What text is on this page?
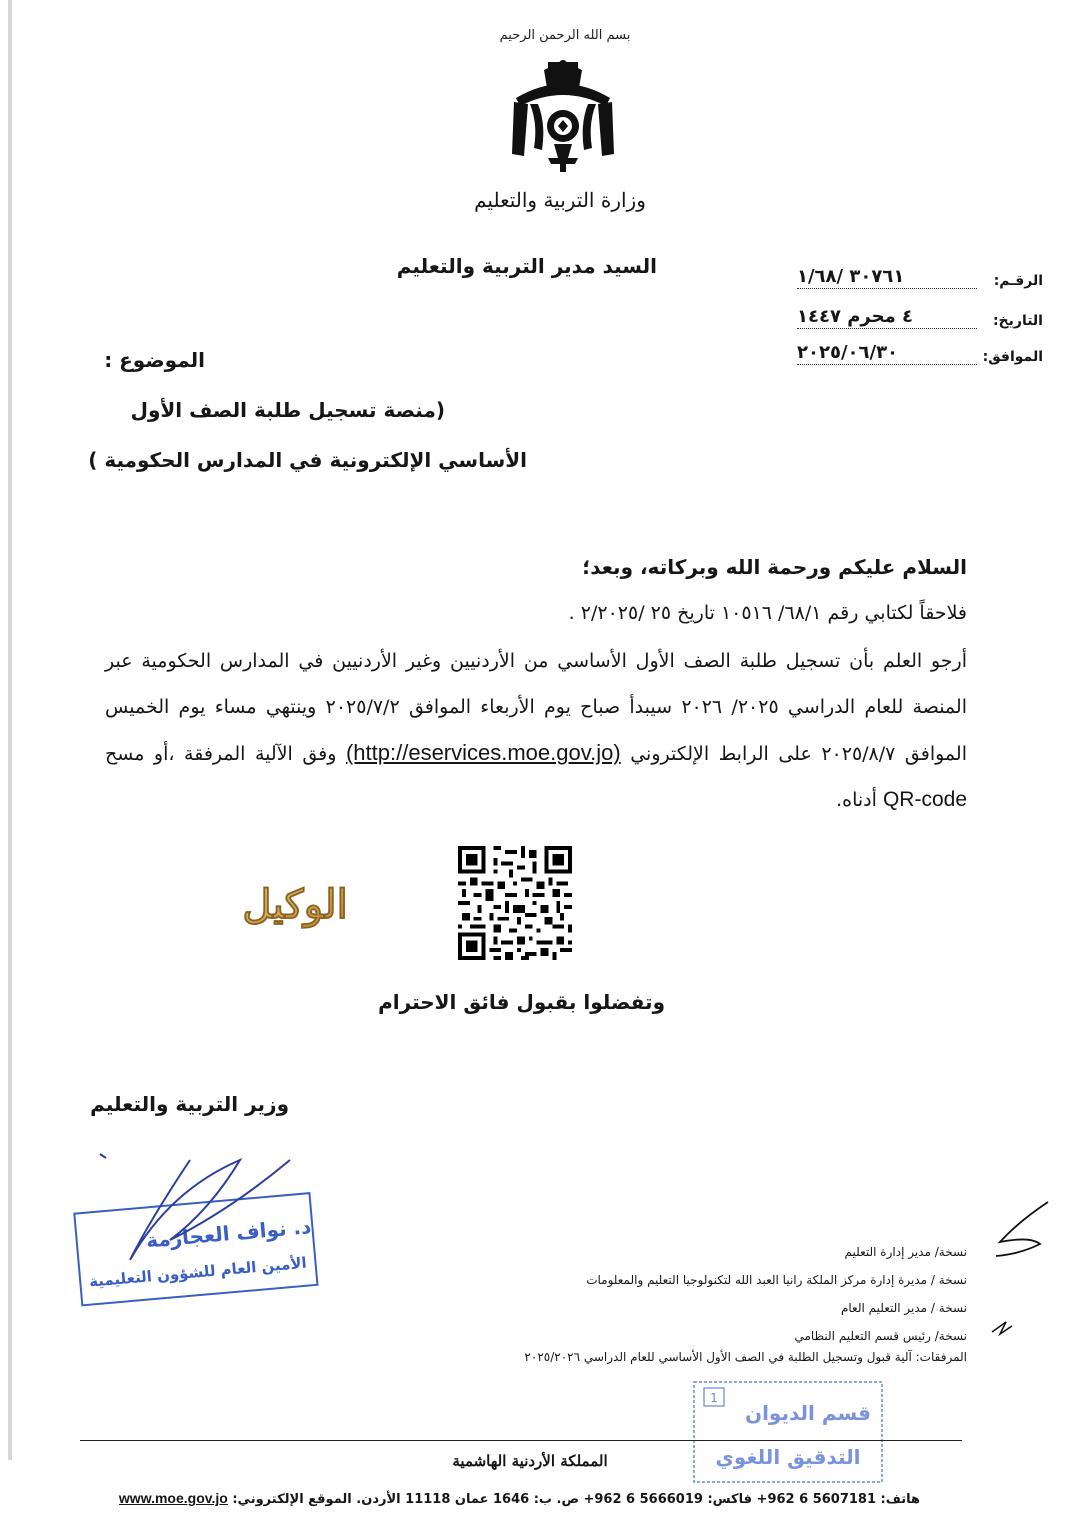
بسم الله الرحمن الرحيم
وزارة التربية والتعليم
السيد مدير التربية والتعليم
الرقـم:
٣٠٧٦١ /١/٦٨
التاريخ:
٤ محرم ١٤٤٧
الموافق:
٢٠٢٥/٠٦/٣٠
الموضوع :
(منصة تسجيل طلبة الصف الأول
الأساسي الإلكترونية في المدارس الحكومية )
السلام عليكم ورحمة الله وبركاته، وبعد؛
فلاحقاً لكتابي رقم ٦٨/١/ ١٠٥١٦ تاريخ ٢٥ /٢/٢٠٢٥ .
أرجو العلم بأن تسجيل طلبة الصف الأول الأساسي من الأردنيين وغير الأردنيين في المدارس الحكومية عبر المنصة للعام الدراسي ٢٠٢٥/ ٢٠٢٦ سيبدأ صباح يوم الأربعاء الموافق ٢٠٢٥/٧/٢ وينتهي مساء يوم الخميس الموافق ٢٠٢٥/٨/٧ على الرابط الإلكتروني (http://eservices.moe.gov.jo) وفق الآلية المرفقة ،أو مسح QR-code أدناه.
الوكيل
وتفضلوا بقبول فائق الاحترام
وزير التربية والتعليم
د. نواف العجارمة
الأمين العام للشؤون التعليمية
نسخة/ مدير إدارة التعليم
نسخة / مديرة إدارة مركز الملكة رانيا العبد الله لتكنولوجيا التعليم والمعلومات
نسخة / مدير التعليم العام
نسخة/ رئيس قسم التعليم النظامي
المرفقات: آلية قبول وتسجيل الطلبة في الصف الأول الأساسي للعام الدراسي ٢٠٢٥/٢٠٢٦
1
قسم الديوان
التدقيق اللغوي
المملكة الأردنية الهاشمية
هاتف: 5607181 6 962+ فاكس: 5666019 6 962+ ص. ب: 1646 عمان 11118 الأردن. الموقع الإلكتروني: www.moe.gov.jo
